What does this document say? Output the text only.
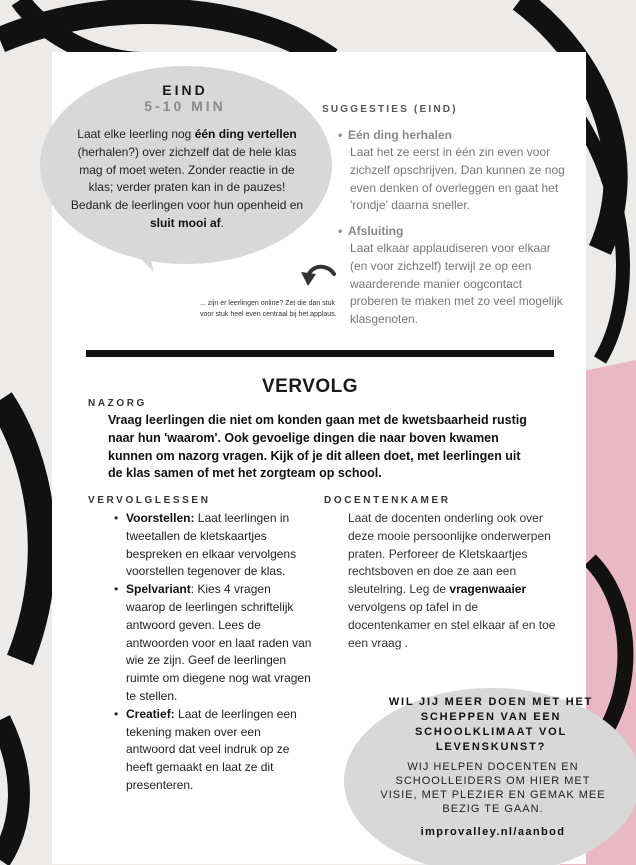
EIND
5-10 MIN

Laat elke leerling nog één ding vertellen (herhalen?) over zichzelf dat de hele klas mag of moet weten. Zonder reactie in de klas; verder praten kan in de pauzes! Bedank de leerlingen voor hun openheid en sluit mooi af.

SUGGESTIES (EIND)
• Eén ding herhalen
Laat het ze eerst in één zin even voor zichzelf opschrijven. Dan kunnen ze nog even denken of overleggen en gaat het 'rondje' daarna sneller.
• Afsluiting
Laat elkaar applaudiseren voor elkaar (en voor zichzelf) terwijl ze op een waarderende manier oogcontact proberen te maken met zo veel mogelijk klasgenoten.
... zijn er leerlingen online? Zet die dan stuk voor stuk heel even centraal bij het applaus.
VERVOLG
NAZORG

Vraag leerlingen die niet om konden gaan met de kwetsbaarheid rustig naar hun 'waarom'. Ook gevoelige dingen die naar boven kwamen kunnen om nazorg vragen. Kijk of je dit alleen doet, met leerlingen uit de klas samen of met het zorgteam op school.

VERVOLGLESSEN
• Voorstellen: Laat leerlingen in tweetallen de kletskaartjes bespreken en elkaar vervolgens voorstellen tegenover de klas.
• Spelvariant: Kies 4 vragen waarop de leerlingen schriftelijk antwoord geven. Lees de antwoorden voor en laat raden van wie ze zijn. Geef de leerlingen ruimte om diegene nog wat vragen te stellen.
• Creatief: Laat de leerlingen een tekening maken over een antwoord dat veel indruk op ze heeft gemaakt en laat ze dit presenteren.
DOCENTENKAMER

Laat de docenten onderling ook over deze mooie persoonlijke onderwerpen praten. Perforeer de Kletskaartjes rechtsboven en doe ze aan een sleutelring. Leg de vragenwaaier vervolgens op tafel in de docentenkamer en stel elkaar af en toe een vraag .

WIL JIJ MEER DOEN MET HET SCHEPPEN VAN EEN SCHOOLKLIMAAT VOL LEVENSKUNST?
WIJ HELPEN DOCENTEN EN SCHOOLLEIDERS OM HIER MET VISIE, MET PLEZIER EN GEMAK MEE BEZIG TE GAAN.
improvalley.nl/aanbod
